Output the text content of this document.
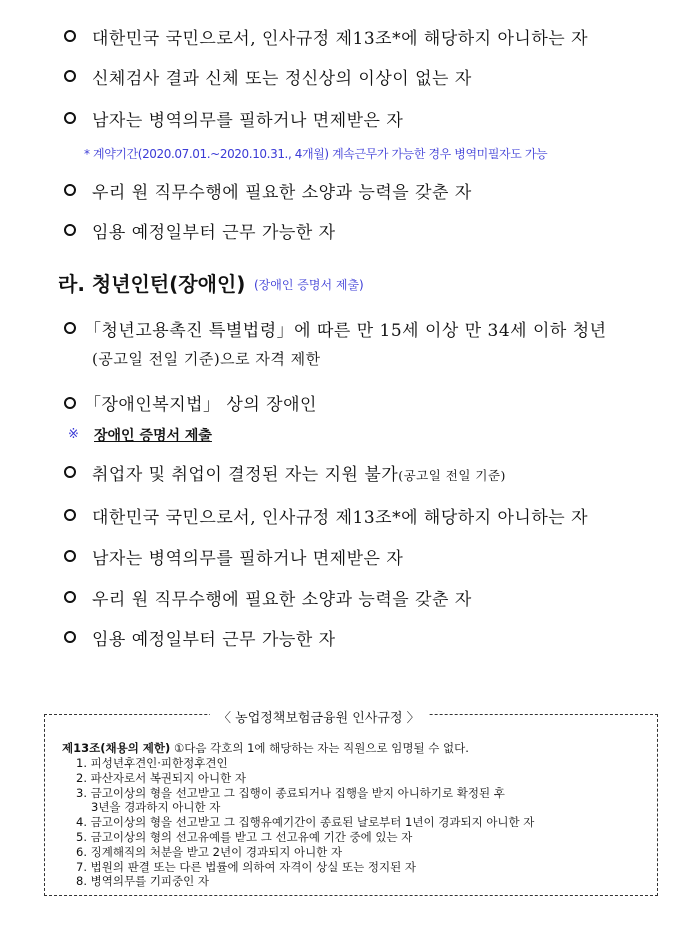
대한민국 국민으로서, 인사규정 제13조*에 해당하지 아니하는 자
신체검사 결과 신체 또는 정신상의 이상이 없는 자
남자는 병역의무를 필하거나 면제받은 자
* 계약기간(2020.07.01.~2020.10.31., 4개월) 계속근무가 가능한 경우 병역미필자도 가능
우리 원 직무수행에 필요한 소양과 능력을 갖춘 자
임용 예정일부터 근무 가능한 자
라. 청년인턴(장애인) (장애인 증명서 제출)
「청년고용촉진 특별법령」에 따른 만 15세 이상 만 34세 이하 청년
(공고일 전일 기준)으로 자격 제한
「장애인복지법」 상의 장애인
※ 장애인 증명서 제출
취업자 및 취업이 결정된 자는 지원 불가(공고일 전일 기준)
대한민국 국민으로서, 인사규정 제13조*에 해당하지 아니하는 자
남자는 병역의무를 필하거나 면제받은 자
우리 원 직무수행에 필요한 소양과 능력을 갖춘 자
임용 예정일부터 근무 가능한 자
〈 농업정책보험금융원 인사규정 〉
제13조(채용의 제한) ①다음 각호의 1에 해당하는 자는 직원으로 임명될 수 없다.
1. 피성년후견인·피한정후견인
2. 파산자로서 복권되지 아니한 자
3. 금고이상의 형을 선고받고 그 집행이 종료되거나 집행을 받지 아니하기로 확정된 후
3년을 경과하지 아니한 자
4. 금고이상의 형을 선고받고 그 집행유예기간이 종료된 날로부터 1년이 경과되지 아니한 자
5. 금고이상의 형의 선고유예를 받고 그 선고유예 기간 중에 있는 자
6. 징계해직의 처분을 받고 2년이 경과되지 아니한 자
7. 법원의 판결 또는 다른 법률에 의하여 자격이 상실 또는 정지된 자
8. 병역의무를 기피중인 자
